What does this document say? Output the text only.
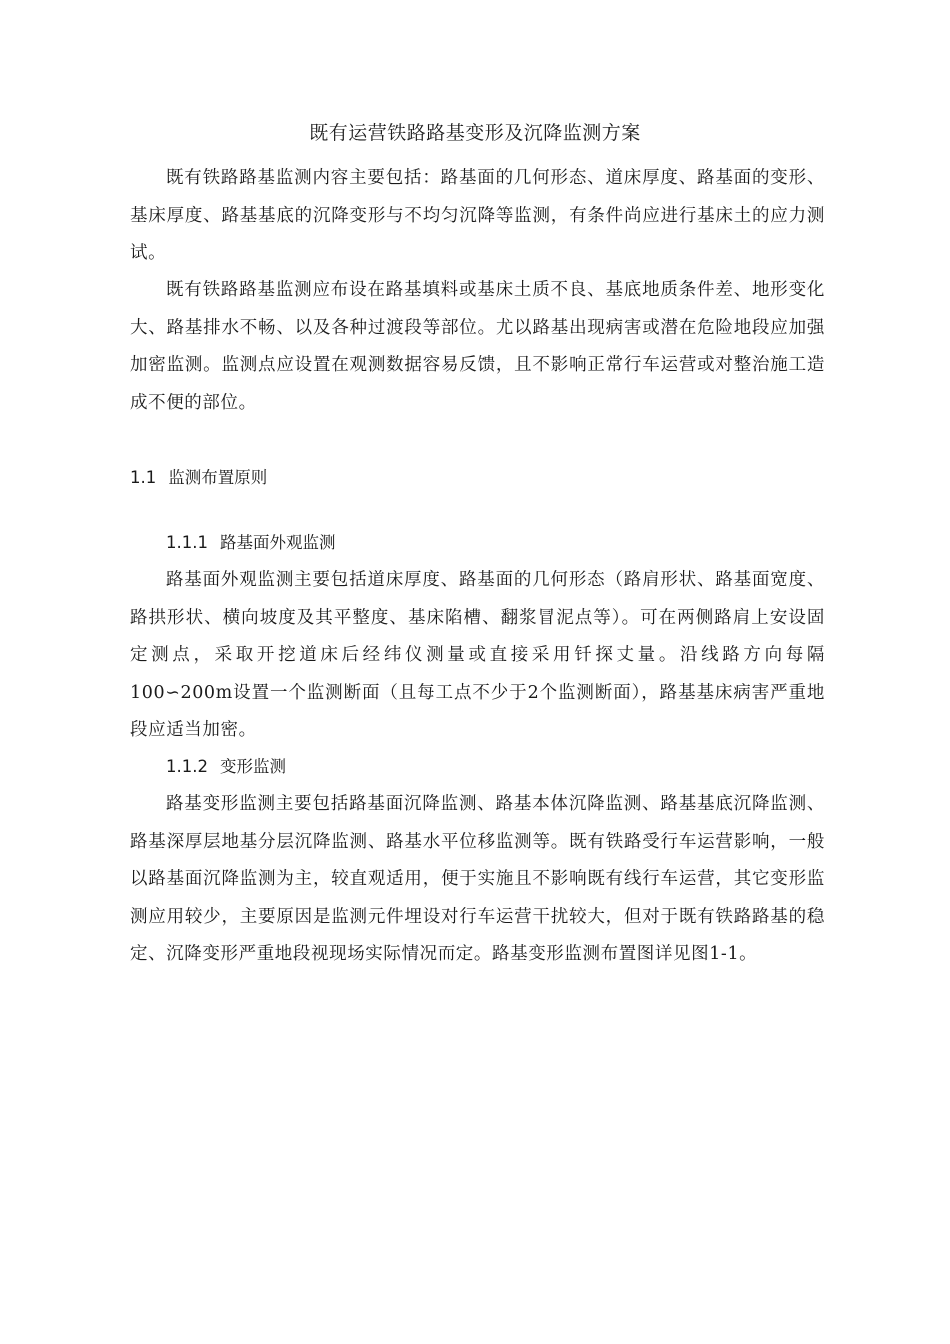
既有运营铁路路基变形及沉降监测方案

既有铁路路基监测内容主要包括：路基面的几何形态、道床厚度、路基面的变形、基床厚度、路基基底的沉降变形与不均匀沉降等监测，有条件尚应进行基床土的应力测试。

既有铁路路基监测应布设在路基填料或基床土质不良、基底地质条件差、地形变化大、路基排水不畅、以及各种过渡段等部位。尤以路基出现病害或潜在危险地段应加强加密监测。监测点应设置在观测数据容易反馈，且不影响正常行车运营或对整治施工造成不便的部位。

1.1 监测布置原则
1.1.1 路基面外观监测

路基面外观监测主要包括道床厚度、路基面的几何形态（路肩形状、路基面宽度、路拱形状、横向坡度及其平整度、基床陷槽、翻浆冒泥点等）。可在两侧路肩上安设固定测点，采取开挖道床后经纬仪测量或直接采用钎探丈量。沿线路方向每隔100∽200m设置一个监测断面（且每工点不少于2个监测断面），路基基床病害严重地段应适当加密。

1.1.2 变形监测

路基变形监测主要包括路基面沉降监测、路基本体沉降监测、路基基底沉降监测、路基深厚层地基分层沉降监测、路基水平位移监测等。既有铁路受行车运营影响，一般以路基面沉降监测为主，较直观适用，便于实施且不影响既有线行车运营，其它变形监测应用较少，主要原因是监测元件埋设对行车运营干扰较大，但对于既有铁路路基的稳定、沉降变形严重地段视现场实际情况而定。路基变形监测布置图详见图1-1。
